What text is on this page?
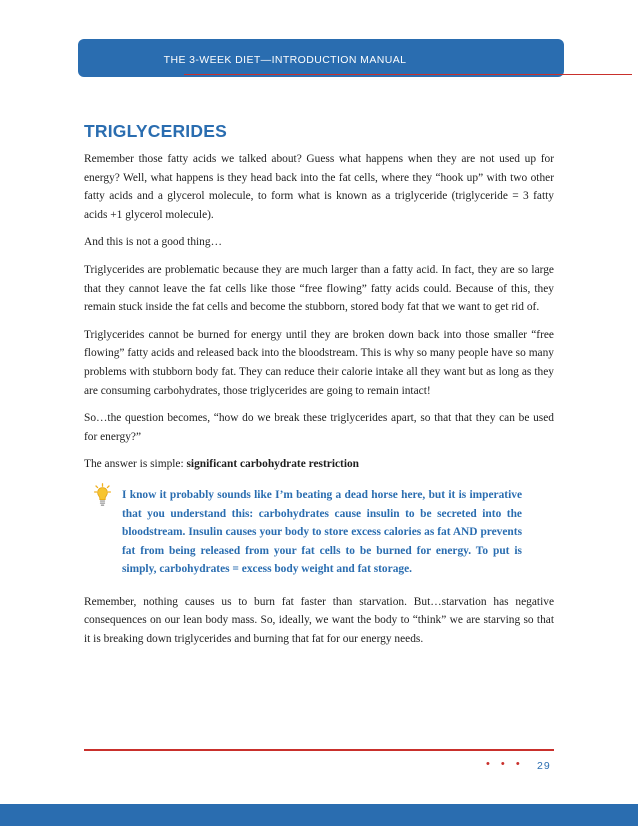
THE 3-WEEK DIET—INTRODUCTION MANUAL
TRIGLYCERIDES

Remember those fatty acids we talked about? Guess what happens when they are not used up for energy? Well, what happens is they head back into the fat cells, where they “hook up” with two other fatty acids and a glycerol molecule, to form what is known as a triglyceride (triglyceride = 3 fatty acids +1 glycerol molecule).

And this is not a good thing…

Triglycerides are problematic because they are much larger than a fatty acid. In fact, they are so large that they cannot leave the fat cells like those “free flowing” fatty acids could. Because of this, they remain stuck inside the fat cells and become the stubborn, stored body fat that we want to get rid of.

Triglycerides cannot be burned for energy until they are broken down back into those smaller “free flowing” fatty acids and released back into the bloodstream. This is why so many people have so many problems with stubborn body fat. They can reduce their calorie intake all they want but as long as they are consuming carbohydrates, those triglycerides are going to remain intact!

So…the question becomes, “how do we break these triglycerides apart, so that that they can be used for energy?”

The answer is simple: significant carbohydrate restriction

I know it probably sounds like I’m beating a dead horse here, but it is imperative that you understand this: carbohydrates cause insulin to be secreted into the bloodstream. Insulin causes your body to store excess calories as fat AND prevents fat from being released from your fat cells to be burned for energy. To put is simply, carbohydrates = excess body weight and fat storage.

Remember, nothing causes us to burn fat faster than starvation. But…starvation has negative consequences on our lean body mass. So, ideally, we want the body to “think” we are starving so that it is breaking down triglycerides and burning that fat for our energy needs.

• • • 29
